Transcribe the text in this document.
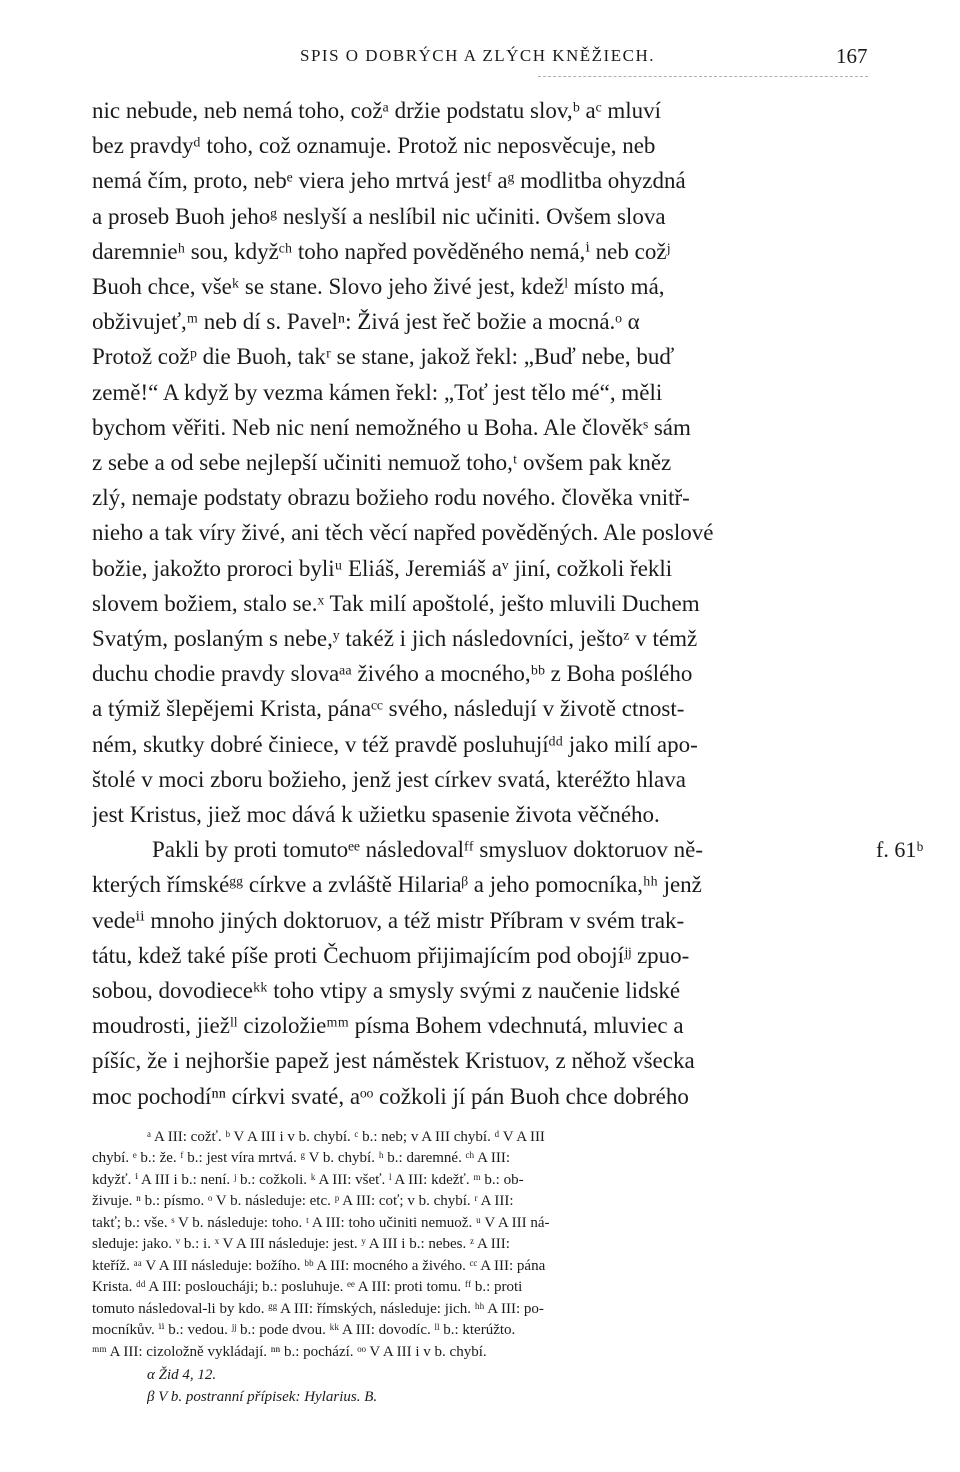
SPIS O DOBRÝCH A ZLÝCH KNĚŽIECH.	167
nic nebude, neb nemá toho, cožᵃ držie podstatu slov,ᵇ aᶜ mluví
bez pravdyᵈ toho, což oznamuje. Protož nic neposvěcuje, neb
nemá čím, proto, nebᵉ viera jeho mrtvá jestᶠ aᵍ modlitba ohyzdná
a proseb Buoh jehoᵍ neslyší a neslíbil nic učiniti. Ovšem slova
daremnieʰ sou, kdyžᶜʰ toho napřed pověděného nemá,ⁱ neb cožʲ
Buoh chce, všeᵏ se stane. Slovo jeho živé jest, kdežˡ místo má,
obživujeť,ᵐ neb dí s. Pavelⁿ: Živá jest řeč božie a mocná.ᵒ α
Protož cožᵖ die Buoh, takʳ se stane, jakož řekl: „Buď nebe, buď
země!“ A když by vezma kámen řekl: „Toť jest tělo mé“, měli
bychom věřiti. Neb nic není nemožného u Boha. Ale člověkˢ sám
z sebe a od sebe nejlepší učiniti nemuož toho,ᵗ ovšem pak kněz
zlý, nemaje podstaty obrazu božieho rodu nového. člověka vnitř-
nieho a tak víry živé, ani těch věcí napřed pověděných. Ale poslové
božie, jakožto proroci byliᵘ Eliáš, Jeremiáš aᵛ jiní, cožkoli řekli
slovem božiem, stalo se.ˣ Tak milí apoštolé, ješto mluvili Duchem
Svatým, poslaným s nebe,ʸ takéž i jich následovníci, ještoᶻ v témž
duchu chodie pravdy slovaᵃᵃ živého a mocného,ᵇᵇ z Boha poślého
a týmiž šlepějemi Krista, pánaᶜᶜ svého, následují v životě ctnost-
ném, skutky dobré činiece, v též pravdě posluhujíᵈᵈ jako milí apo-
štolé v moci zboru božieho, jenž jest církev svatá, kteréžto hlava
jest Kristus, jiež moc dává k užietku spasenie života věčného.
Pakli by proti tomutoᵉᵉ následovalᶠᶠ smysluov doktoruov ně-
kterých římskéᵍᵍ církve a zvláště Hilariaᵝ a jeho pomocníka,ʰʰ jenž
vedeⁱⁱ mnoho jiných doktoruov, a též mistr Příbram v svém trak-
tátu, kdež také píše proti Čechuom přijimajícím pod obojíʲʲ zpuo-
sobou, dovodieceᵏᵏ toho vtipy a smysly svými z naučenie lidské
moudrosti, jiežˡˡ cizoložieᵐᵐ písma Bohem vdechnutá, mluviec a
píšíc, že i nejhoršie papež jest náměstek Kristuov, z něhož všecka
moc pochodíⁿⁿ církvi svaté, aᵒᵒ cožkoli jí pán Buoh chce dobrého
f. 61ᵇ
ᵃ A III: cožť. ᵇ V A III i v b. chybí. ᶜ b.: neb; v A III chybí. ᵈ V A III
chybí. ᵉ b.: že. ᶠ b.: jest víra mrtvá. ᵍ V b. chybí. ʰ b.: daremné. ᶜʰ A III:
kdyžť. ⁱ A III i b.: není. ʲ b.: cožkoli. ᵏ A III: všeť. ˡ A III: kdežť. ᵐ b.: ob-
živuje. ⁿ b.: písmo. ᵒ V b. následuje: etc. ᵖ A III: coť; v b. chybí. ʳ A III:
takť; b.: vše. ˢ V b. následuje: toho. ᵗ A III: toho učiniti nemuož. ᵘ V A III ná-
sleduje: jako. ᵛ b.: i. ˣ V A III následuje: jest. ʸ A III i b.: nebes. ᶻ A III:
kteříž. ᵃᵃ V A III následuje: božího. ᵇᵇ A III: mocného a živého. ᶜᶜ A III: pána
Krista. ᵈᵈ A III: posloucháji; b.: posluhuje. ᵉᵉ A III: proti tomu. ᶠᶠ b.: proti
tomuto následoval-li by kdo. ᵍᵍ A III: římských, následuje: jich. ʰʰ A III: po-
mocníkův. ⁱⁱ b.: vedou. ʲʲ b.: pode dvou. ᵏᵏ A III: dovodíc. ˡˡ b.: kterúžto.
ᵐᵐ A III: cizoložně vykládají. ⁿⁿ b.: pochází. ᵒᵒ V A III i v b. chybí.
α Žid 4, 12.
β V b. postranní přípisek: Hylarius. B.
